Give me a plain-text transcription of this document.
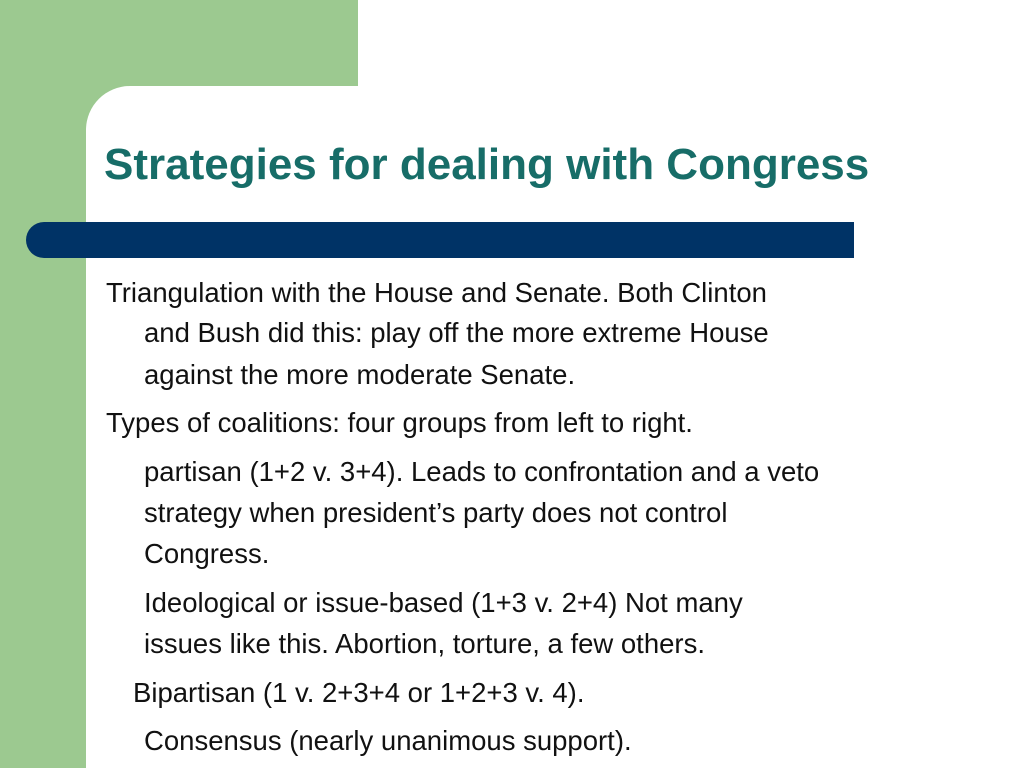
Strategies for dealing with Congress

Triangulation with the House and Senate. Both Clinton

and Bush did this: play off the more extreme House

against the more moderate Senate.

Types of coalitions: four groups from left to right.

partisan (1+2 v. 3+4). Leads to confrontation and a veto

strategy when president’s party does not control

Congress.

Ideological or issue-based (1+3 v. 2+4) Not many

issues like this. Abortion, torture, a few others.

Bipartisan (1 v. 2+3+4 or 1+2+3 v. 4).

Consensus (nearly unanimous support).
